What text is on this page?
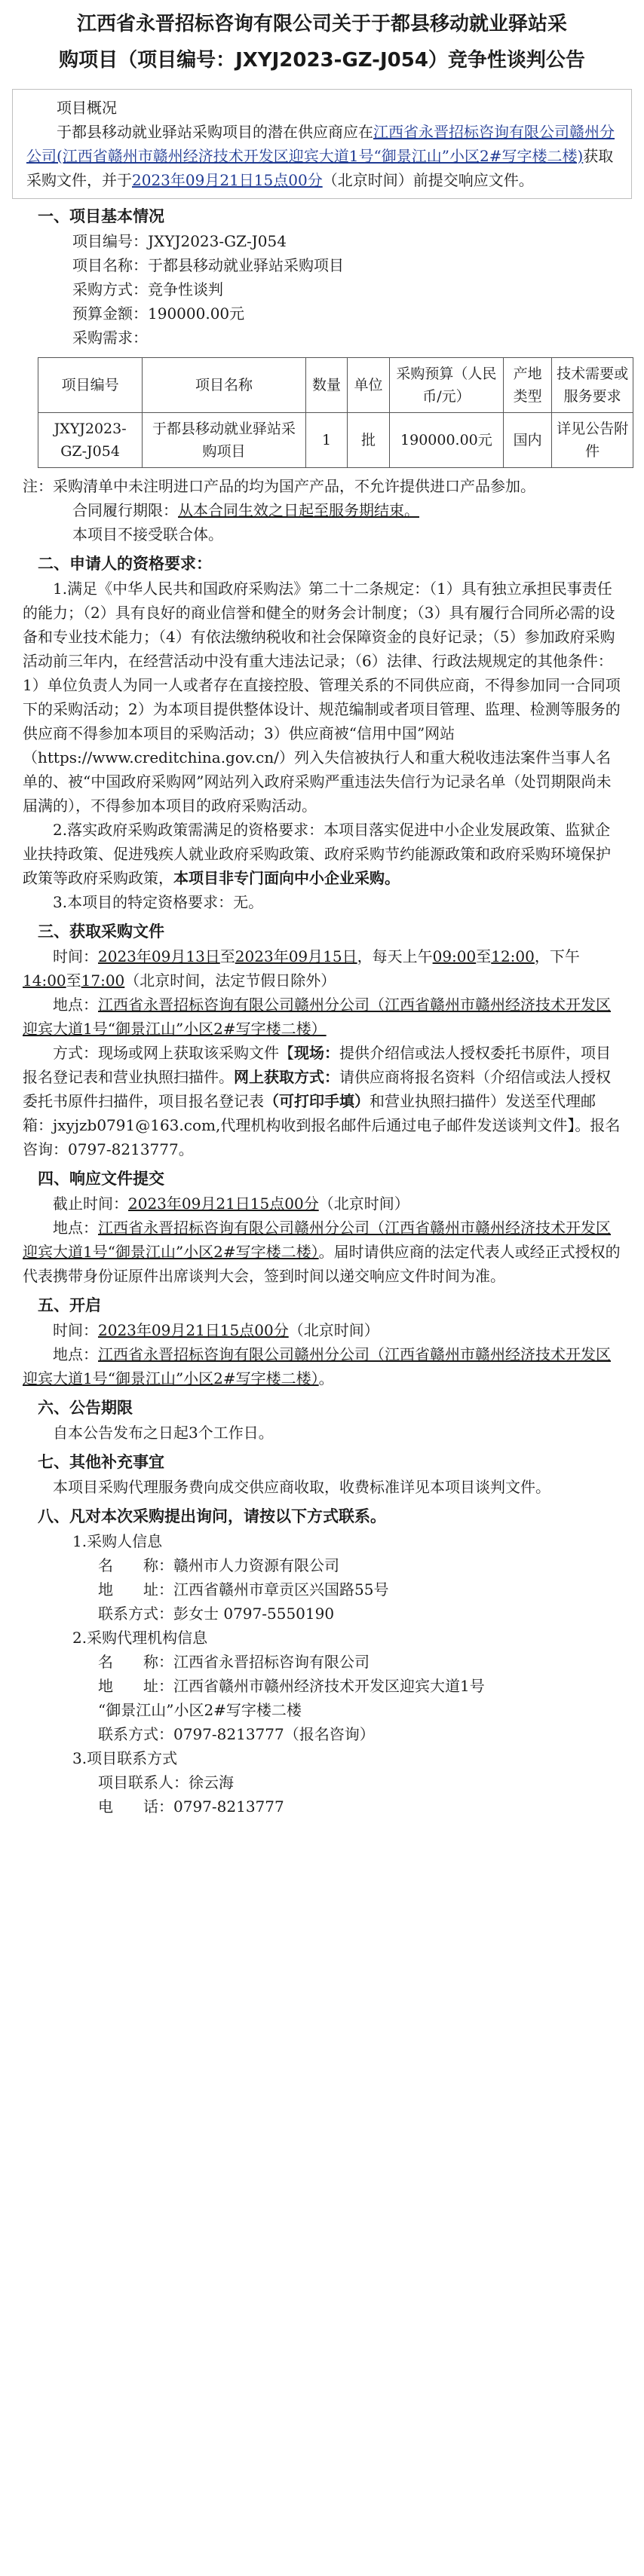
江西省永晋招标咨询有限公司关于于都县移动就业驿站采
购项目（项目编号：JXYJ2023-GZ-J054）竞争性谈判公告
项目概况

于都县移动就业驿站采购项目的潜在供应商应在江西省永晋招标咨询有限公司赣州分公司(江西省赣州市赣州经济技术开发区迎宾大道1号“御景江山”小区2#写字楼二楼)获取采购文件，并于2023年09月21日15点00分（北京时间）前提交响应文件。

一、项目基本情况
项目编号：JXYJ2023-GZ-J054
项目名称：于都县移动就业驿站采购项目
采购方式：竞争性谈判
预算金额：190000.00元
采购需求：
项目编号	项目名称	数量	单位	采购预算（人民币/元）	产地类型	技术需要或服务要求
JXYJ2023-GZ-J054	于都县移动就业驿站采购项目	1	批	190000.00元	国内	详见公告附件

注：采购清单中未注明进口产品的均为国产产品，不允许提供进口产品参加。

合同履行期限：从本合同生效之日起至服务期结束。
本项目不接受联合体。
二、申请人的资格要求：

1.满足《中华人民共和国政府采购法》第二十二条规定：（1）具有独立承担民事责任的能力；（2）具有良好的商业信誉和健全的财务会计制度；（3）具有履行合同所必需的设备和专业技术能力；（4）有依法缴纳税收和社会保障资金的良好记录；（5）参加政府采购活动前三年内，在经营活动中没有重大违法记录；（6）法律、行政法规规定的其他条件：1）单位负责人为同一人或者存在直接控股、管理关系的不同供应商，不得参加同一合同项下的采购活动；2）为本项目提供整体设计、规范编制或者项目管理、监理、检测等服务的供应商不得参加本项目的采购活动；3）供应商被“信用中国”网站（https://www.creditchina.gov.cn/）列入失信被执行人和重大税收违法案件当事人名单的、被“中国政府采购网”网站列入政府采购严重违法失信行为记录名单（处罚期限尚未届满的），不得参加本项目的政府采购活动。

2.落实政府采购政策需满足的资格要求：本项目落实促进中小企业发展政策、监狱企业扶持政策、促进残疾人就业政府采购政策、政府采购节约能源政策和政府采购环境保护政策等政府采购政策，本项目非专门面向中小企业采购。

3.本项目的特定资格要求：无。

三、获取采购文件

时间：2023年09月13日至2023年09月15日，每天上午09:00至12:00，下午14:00至17:00（北京时间，法定节假日除外）

地点：江西省永晋招标咨询有限公司赣州分公司（江西省赣州市赣州经济技术开发区迎宾大道1号“御景江山”小区2#写字楼二楼）

方式：现场或网上获取该采购文件【现场：提供介绍信或法人授权委托书原件，项目报名登记表和营业执照扫描件。网上获取方式：请供应商将报名资料（介绍信或法人授权委托书原件扫描件，项目报名登记表（可打印手填）和营业执照扫描件）发送至代理邮箱：jxyjzb0791@163.com,代理机构收到报名邮件后通过电子邮件发送谈判文件】。报名咨询：0797-8213777。

四、响应文件提交

截止时间：2023年09月21日15点00分（北京时间）

地点：江西省永晋招标咨询有限公司赣州分公司（江西省赣州市赣州经济技术开发区迎宾大道1号“御景江山”小区2#写字楼二楼）。届时请供应商的法定代表人或经正式授权的代表携带身份证原件出席谈判大会，签到时间以递交响应文件时间为准。

五、开启

时间：2023年09月21日15点00分（北京时间）

地点：江西省永晋招标咨询有限公司赣州分公司（江西省赣州市赣州经济技术开发区迎宾大道1号“御景江山”小区2#写字楼二楼）。

六、公告期限

自本公告发布之日起3个工作日。

七、其他补充事宜

本项目采购代理服务费向成交供应商收取，收费标准详见本项目谈判文件。

八、凡对本次采购提出询问，请按以下方式联系。
1.采购人信息
名　　称：赣州市人力资源有限公司
地　　址：江西省赣州市章贡区兴国路55号
联系方式：彭女士 0797-5550190
2.采购代理机构信息
名　　称：江西省永晋招标咨询有限公司
地　　址：江西省赣州市赣州经济技术开发区迎宾大道1号
“御景江山”小区2#写字楼二楼
联系方式：0797-8213777（报名咨询）
3.项目联系方式
项目联系人：徐云海
电　　话：0797-8213777
